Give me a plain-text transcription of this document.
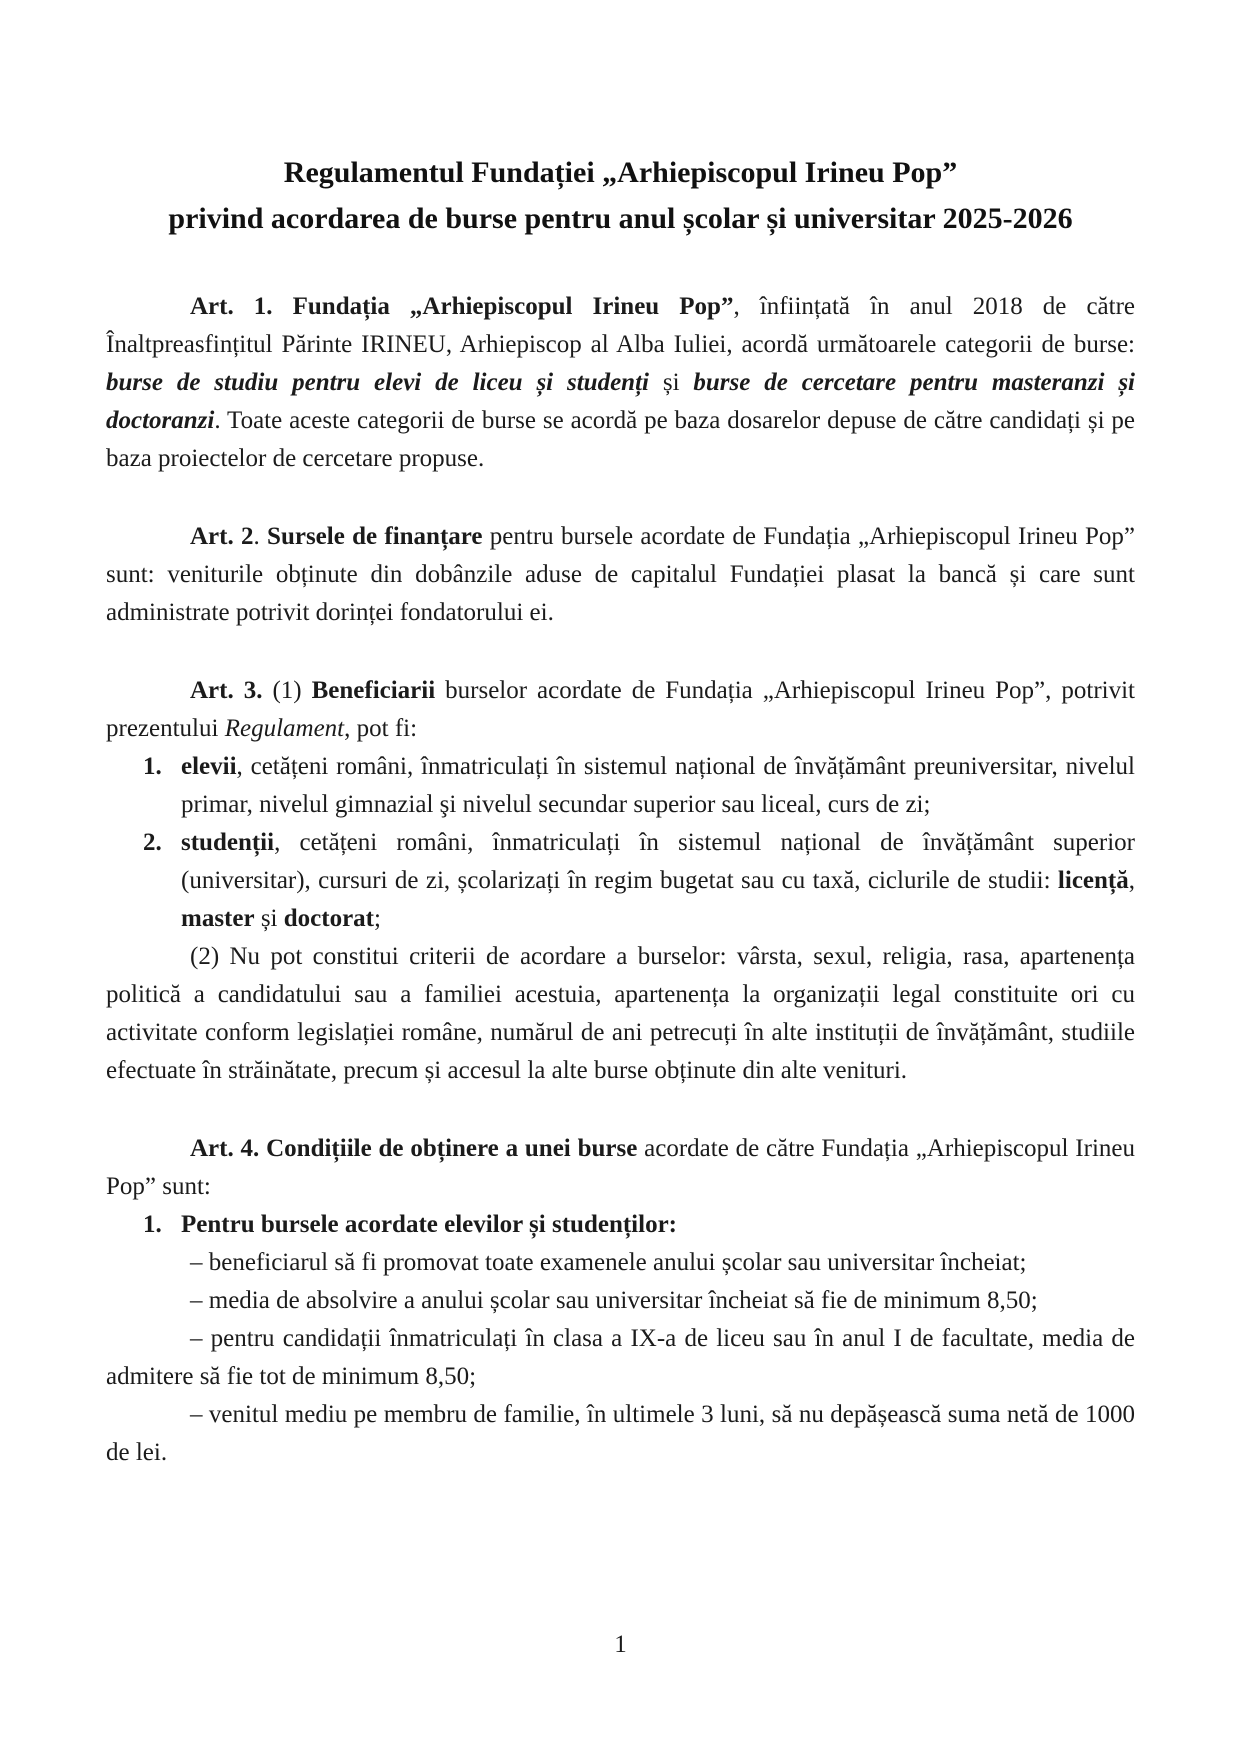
Regulamentul Fundației „Arhiepiscopul Irineu Pop”
privind acordarea de burse pentru anul școlar și universitar 2025-2026

Art. 1. Fundația „Arhiepiscopul Irineu Pop”, înființată în anul 2018 de către Înaltpreasfințitul Părinte IRINEU, Arhiepiscop al Alba Iuliei, acordă următoarele categorii de burse: burse de studiu pentru elevi de liceu și studenți și burse de cercetare pentru masteranzi și doctoranzi. Toate aceste categorii de burse se acordă pe baza dosarelor depuse de către candidați și pe baza proiectelor de cercetare propuse.

Art. 2. Sursele de finanțare pentru bursele acordate de Fundația „Arhiepiscopul Irineu Pop” sunt: veniturile obținute din dobânzile aduse de capitalul Fundației plasat la bancă și care sunt administrate potrivit dorinței fondatorului ei.

Art. 3. (1) Beneficiarii burselor acordate de Fundația „Arhiepiscopul Irineu Pop”, potrivit prezentului Regulament, pot fi:

1. elevii, cetățeni români, înmatriculați în sistemul național de învățământ preuniversitar, nivelul primar, nivelul gimnazial şi nivelul secundar superior sau liceal, curs de zi;
2. studenții, cetățeni români, înmatriculați în sistemul național de învățământ superior (universitar), cursuri de zi, școlarizați în regim bugetat sau cu taxă, ciclurile de studii: licență, master și doctorat;

(2) Nu pot constitui criterii de acordare a burselor: vârsta, sexul, religia, rasa, apartenența politică a candidatului sau a familiei acestuia, apartenența la organizații legal constituite ori cu activitate conform legislației române, numărul de ani petrecuți în alte instituții de învățământ, studiile efectuate în străinătate, precum și accesul la alte burse obținute din alte venituri.

Art. 4. Condițiile de obținere a unei burse acordate de către Fundația „Arhiepiscopul Irineu Pop” sunt:

1. Pentru bursele acordate elevilor și studenților:

– beneficiarul să fi promovat toate examenele anului școlar sau universitar încheiat;

– media de absolvire a anului școlar sau universitar încheiat să fie de minimum 8,50;

– pentru candidații înmatriculați în clasa a IX-a de liceu sau în anul I de facultate, media de admitere să fie tot de minimum 8,50;

– venitul mediu pe membru de familie, în ultimele 3 luni, să nu depășească suma netă de 1000 de lei.

1
